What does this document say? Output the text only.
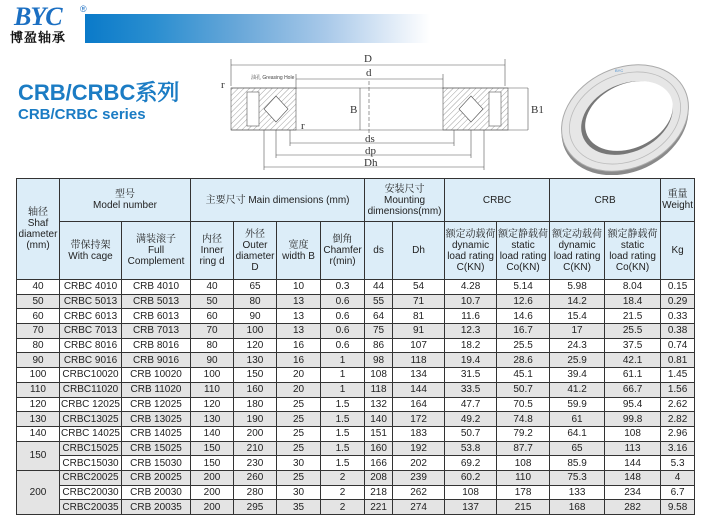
BYC ®
博盈轴承
CRB/CRBC系列
CRB/CRBC series
D
d
B	B1
r
r
ds
dp
Dh
油孔 Greasing Hole
BYC
轴径
Shaf
diameter
(mm)

型号
Model number	主要尺寸 Main dimensions (mm)	
安装尺寸
Mounting
dimensions(mm)
	CRBC	CRB	重量
Weight

带保持架
With cage

满装滚子
Full
Complement

内径
Inner
ring d

外径
Outer
diameter
D

宽度
width B

倒角
Chamfer
r(min)
	ds	Dh	
额定动载荷
dynamic
load rating
C(KN)

额定静载荷
static
load rating
Co(KN)

额定动载荷
dynamic
load rating
C(KN)

额定静载荷
static
load rating
Co(KN)
	Kg
40	CRBC 4010	CRB 4010	40	65	10	0.3	44	54	4.28	5.14	5.98	8.04	0.15
50	CRBC 5013	CRB 5013	50	80	13	0.6	55	71	10.7	12.6	14.2	18.4	0.29
60	CRBC 6013	CRB 6013	60	90	13	0.6	64	81	11.6	14.6	15.4	21.5	0.33
70	CRBC 7013	CRB 7013	70	100	13	0.6	75	91	12.3	16.7	17	25.5	0.38
80	CRBC 8016	CRB 8016	80	120	16	0.6	86	107	18.2	25.5	24.3	37.5	0.74
90	CRBC 9016	CRB 9016	90	130	16	1	98	118	19.4	28.6	25.9	42.1	0.81
100	CRBC10020	CRB 10020	100	150	20	1	108	134	31.5	45.1	39.4	61.1	1.45
110	CRBC11020	CRB 11020	110	160	20	1	118	144	33.5	50.7	41.2	66.7	1.56
120	CRBC 12025	CRB 12025	120	180	25	1.5	132	164	47.7	70.5	59.9	95.4	2.62
130	CRBC13025	CRB 13025	130	190	25	1.5	140	172	49.2	74.8	61	99.8	2.82
140	CRBC 14025	CRB 14025	140	200	25	1.5	151	183	50.7	79.2	64.1	108	2.96
150	CRBC15025	CRB 15025	150	210	25	1.5	160	192	53.8	87.7	65	113	3.16
	CRBC15030	CRB 15030	150	230	30	1.5	166	202	69.2	108	85.9	144	5.3
200	CRBC20025	CRB 20025	200	260	25	2	208	239	60.2	110	75.3	148	4
	CRBC20030	CRB 20030	200	280	30	2	218	262	108	178	133	234	6.7
	CRBC20035	CRB 20035	200	295	35	2	221	274	137	215	168	282	9.58
